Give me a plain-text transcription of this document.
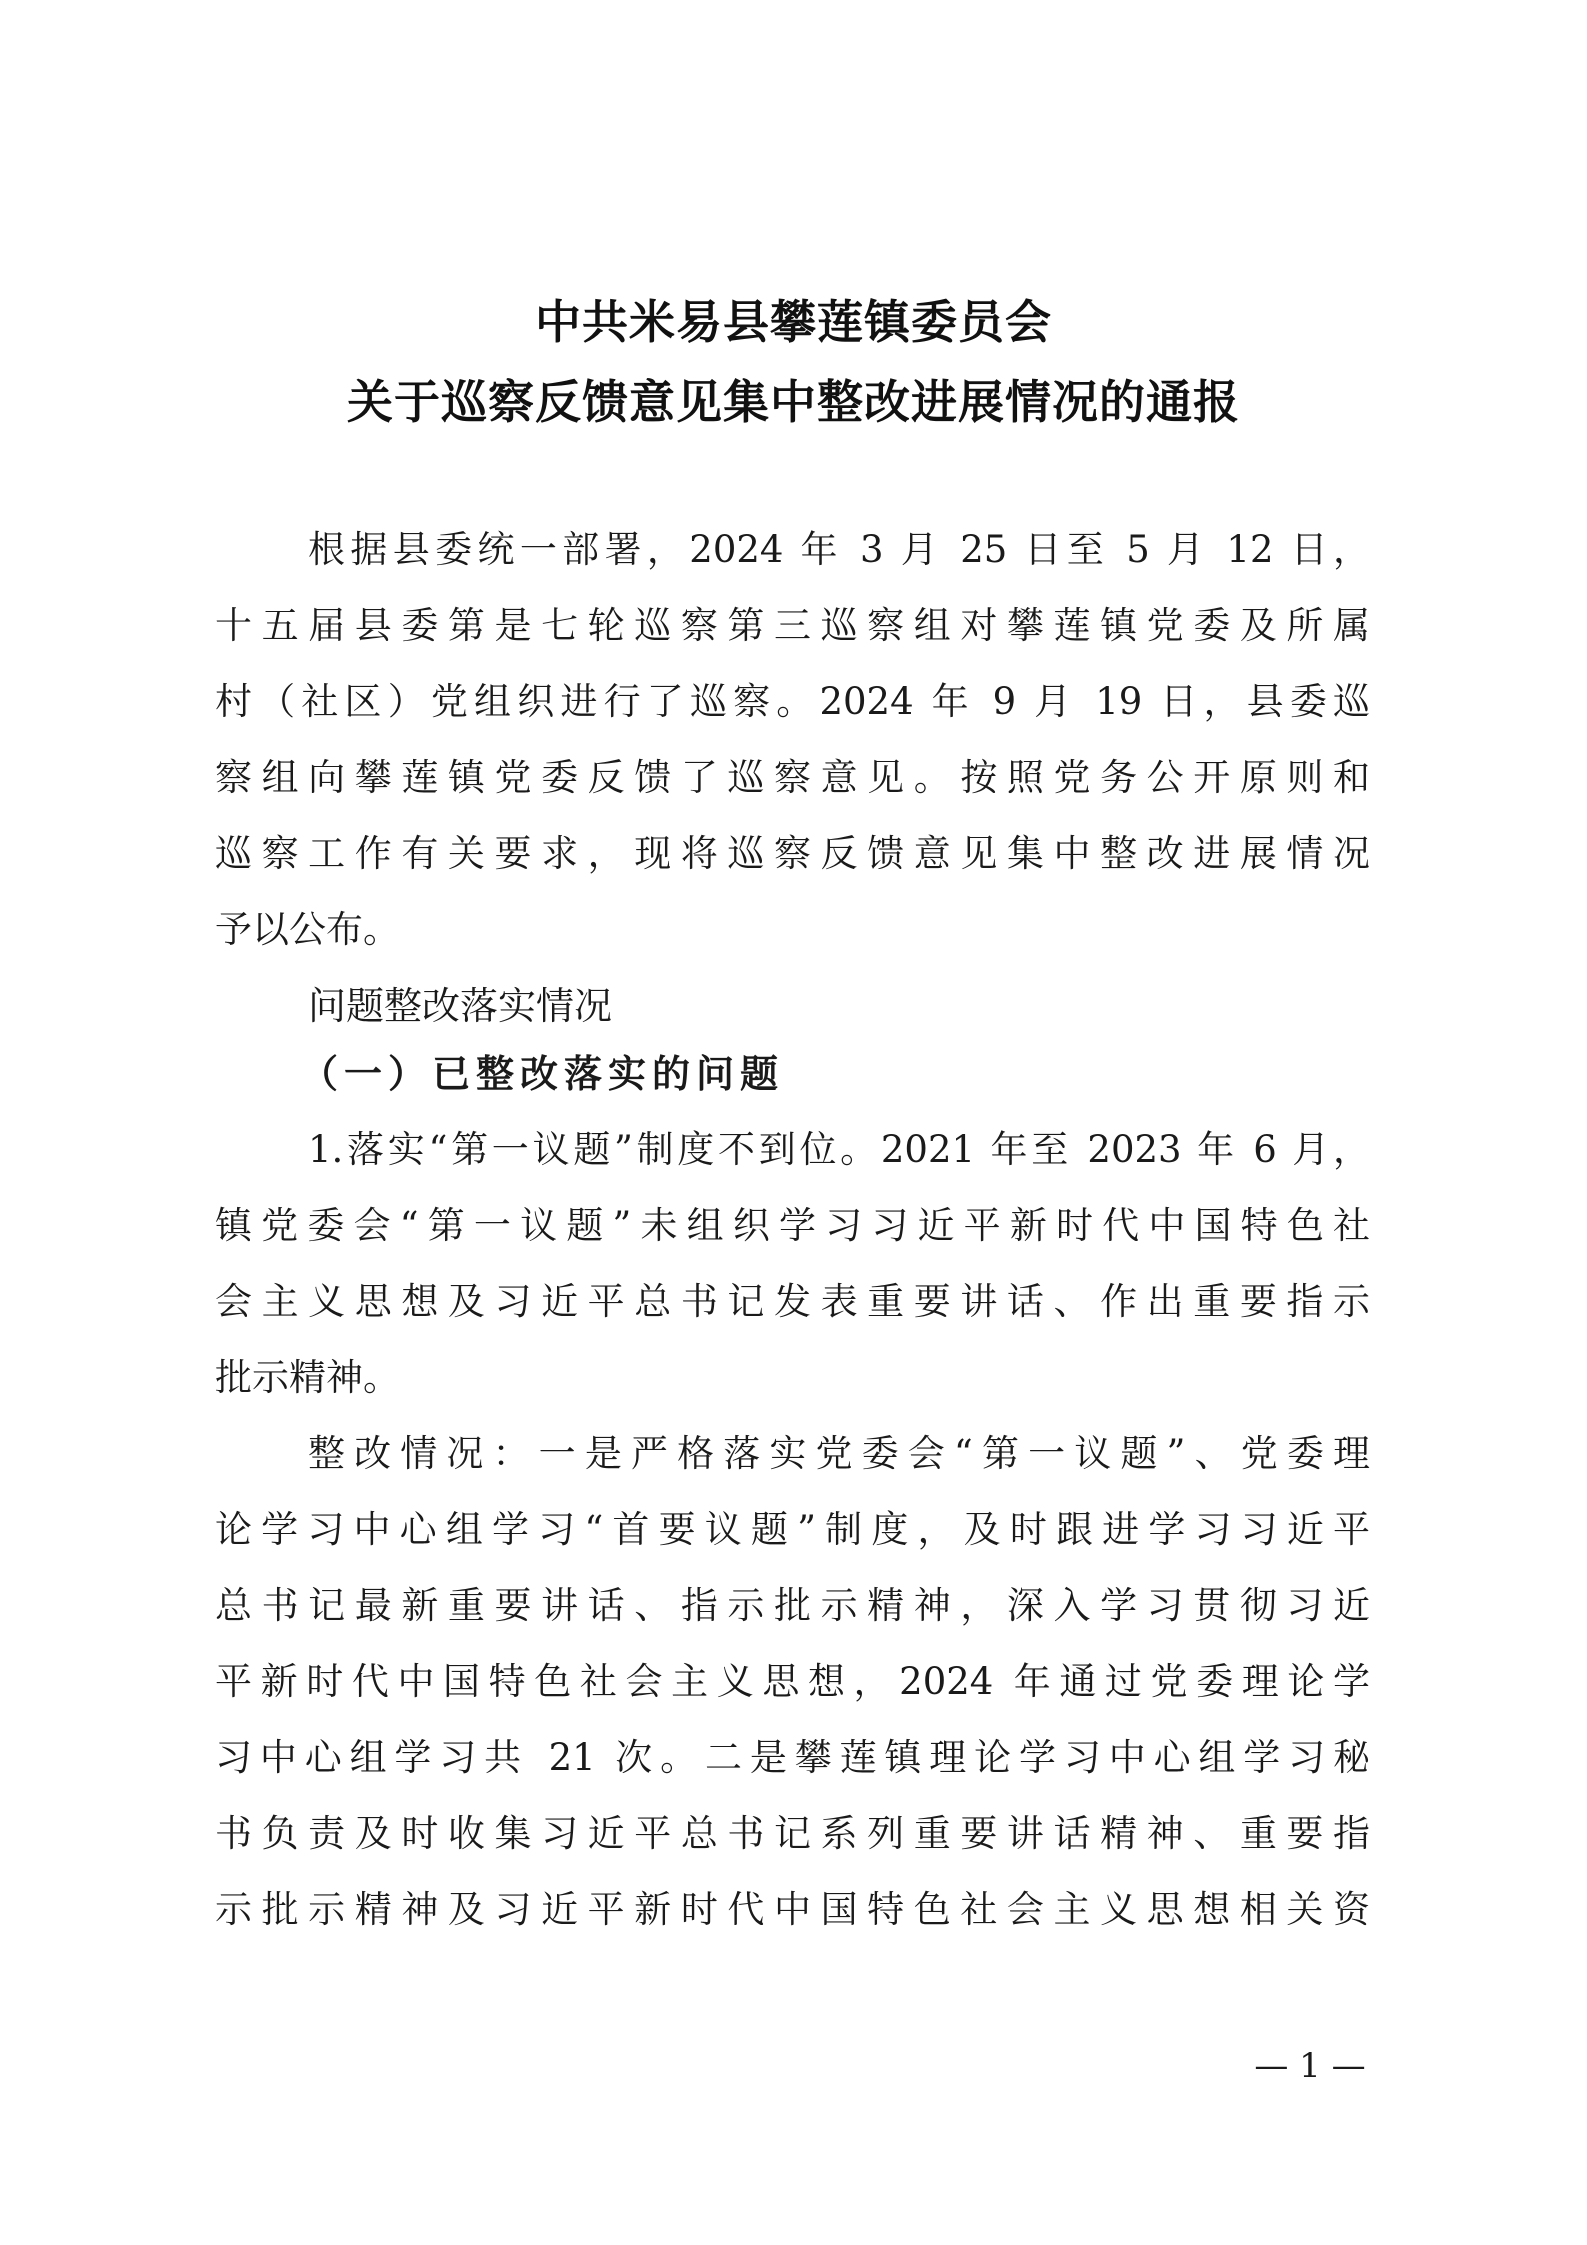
中共米易县攀莲镇委员会
关于巡察反馈意见集中整改进展情况的通报
根据县委统一部署，2024 年 3 月 25 日至 5 月 12 日，
十五届县委第是七轮巡察第三巡察组对攀莲镇党委及所属
村（社区）党组织进行了巡察。2024 年 9 月 19 日，县委巡
察组向攀莲镇党委反馈了巡察意见。按照党务公开原则和
巡察工作有关要求，现将巡察反馈意见集中整改进展情况
予以公布。
问题整改落实情况
（一）已整改落实的问题
1.落实“第一议题”制度不到位。2021 年至 2023 年 6 月，
镇党委会“第一议题”未组织学习习近平新时代中国特色社
会主义思想及习近平总书记发表重要讲话、作出重要指示
批示精神。
整改情况：一是严格落实党委会“第一议题”、党委理
论学习中心组学习“首要议题”制度，及时跟进学习习近平
总书记最新重要讲话、指示批示精神，深入学习贯彻习近
平新时代中国特色社会主义思想，2024 年通过党委理论学
习中心组学习共 21 次。二是攀莲镇理论学习中心组学习秘
书负责及时收集习近平总书记系列重要讲话精神、重要指
示批示精神及习近平新时代中国特色社会主义思想相关资
— 1 —
